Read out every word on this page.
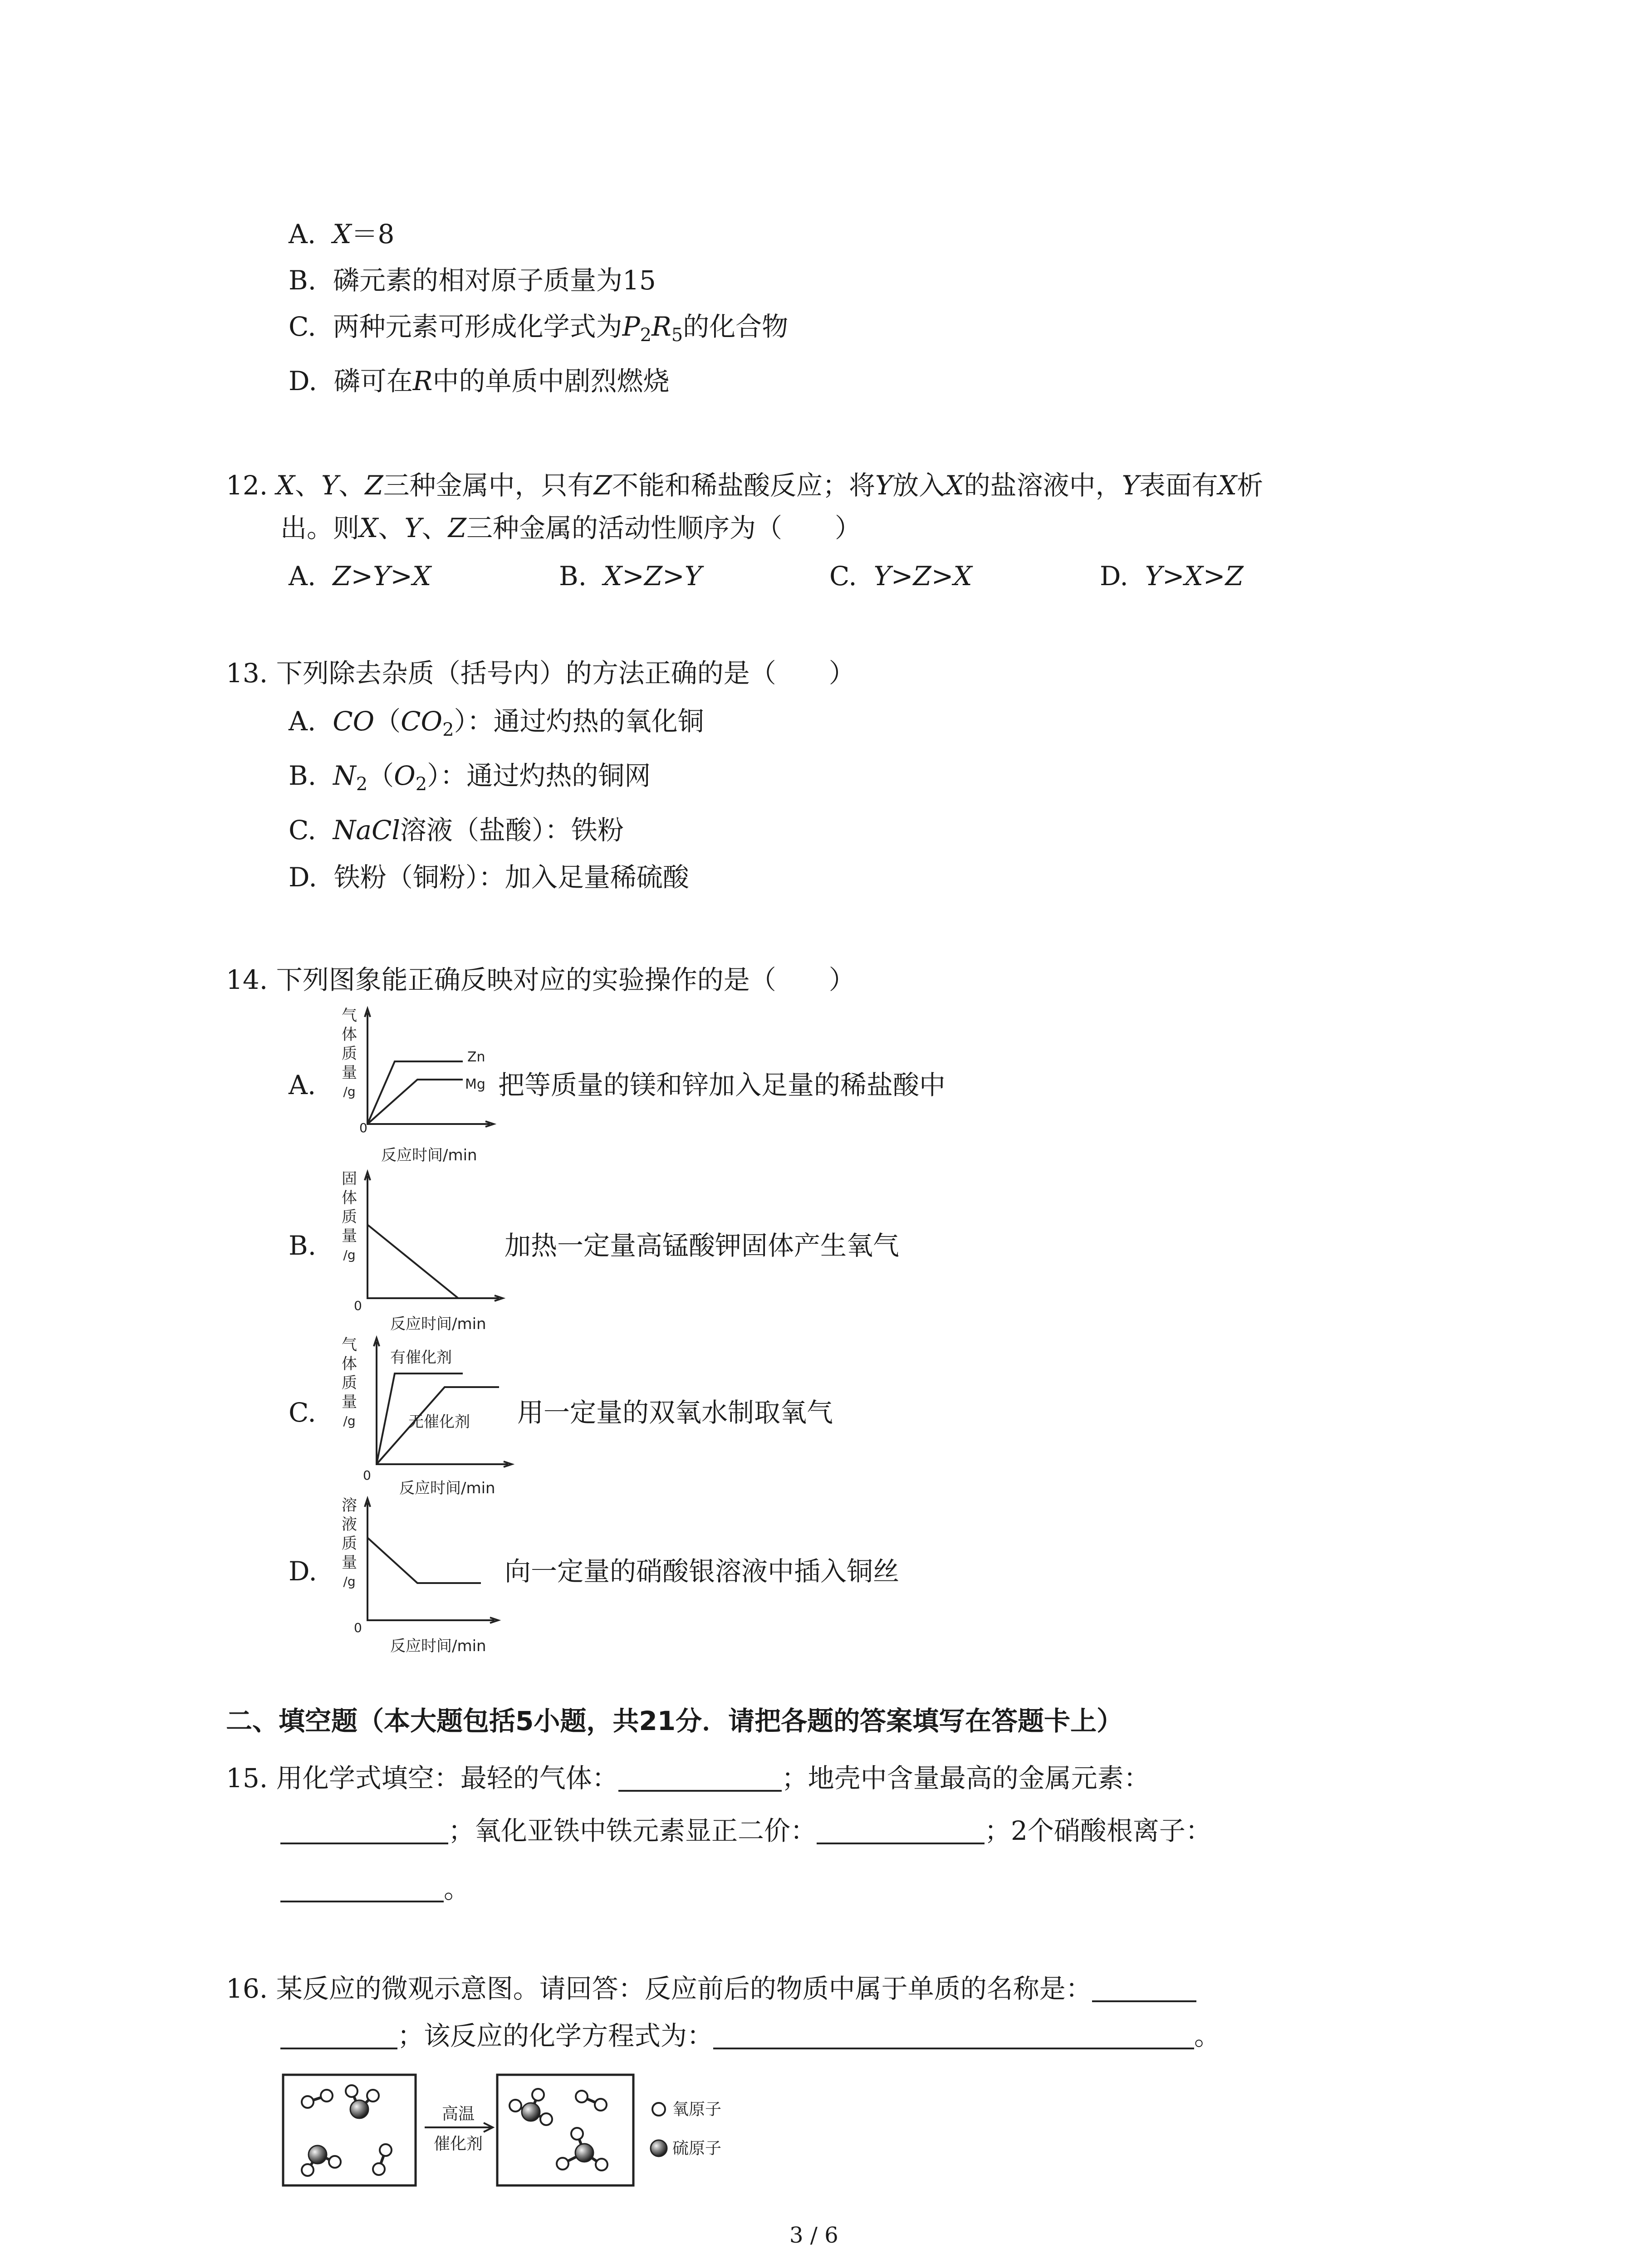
A. X＝8
B. 磷元素的相对原子质量为15
C. 两种元素可形成化学式为$P_2R_5$的化合物
D. 磷可在R中的单质中剧烈燃烧
12. X、Y、Z三种金属中，只有Z不能和稀盐酸反应；将Y放入X的盐溶液中，Y表面有X析
出。则X、Y、Z三种金属的活动性顺序为（　　）
A. Z>Y>X	B. X>Z>Y	C. Y>Z>X	D. Y>X>Z
13. 下列除去杂质（括号内）的方法正确的是（　　）
A. $CO(CO_2)$：通过灼热的氧化铜
B. $N_2(O_2)$：通过灼热的铜网
C. NaCl溶液（盐酸）：铁粉
D. 铁粉（铜粉）：加入足量稀硫酸
14. 下列图象能正确反映对应的实验操作的是（　　）
A.	把等质量的镁和锌加入足量的稀盐酸中
B.	加热一定量高锰酸钾固体产生氧气
C.	用一定量的双氧水制取氧气
D.	向一定量的硝酸银溶液中插入铜丝
气
体
质
量
/g
0
反应时间/min
Zn
Mg
固
体
质
量
/g
0
反应时间/min
气
体
质
量
/g
0
反应时间/min
有催化剂
无催化剂
溶
液
质
量
/g
0
反应时间/min
二、填空题（本大题包括5小题，共21分．请把各题的答案填写在答题卡上）
15. 用化学式填空：最轻的气体：	；地壳中含量最高的金属元素：
；氧化亚铁中铁元素显正二价：	；2个硝酸根离子：
。
16. 某反应的微观示意图。请回答：反应前后的物质中属于单质的名称是：
；该反应的化学方程式为：	。
高温
催化剂
氧原子
硫原子
3 / 6
